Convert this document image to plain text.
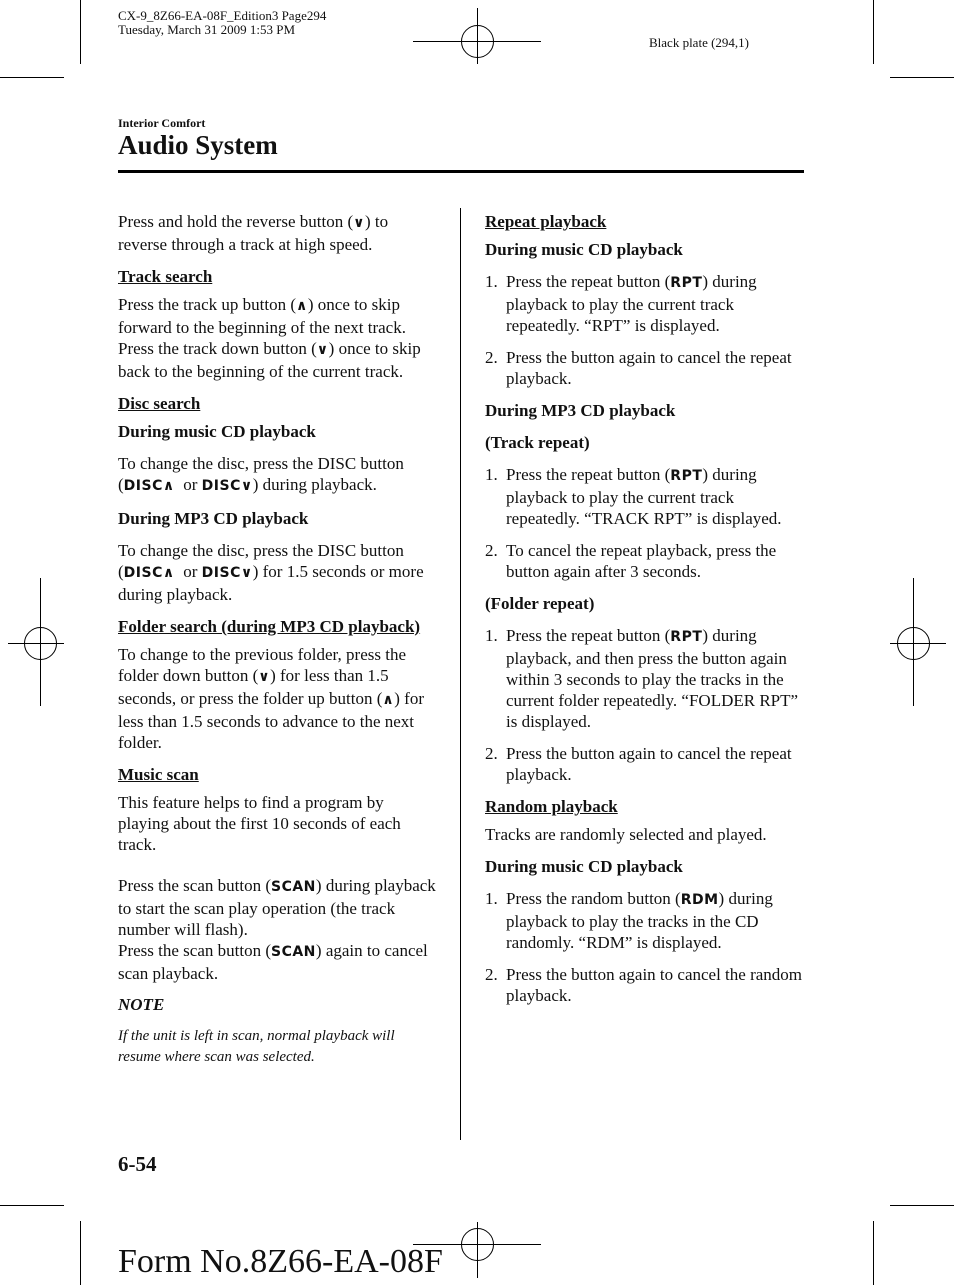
CX-9_8Z66-EA-08F_Edition3 Page294
Tuesday, March 31 2009 1:53 PM
Black plate (294,1)
Interior Comfort
Audio System

Press and hold the reverse button (∨) to reverse through a track at high speed.

Track search

Press the track up button (∧) once to skip forward to the beginning of the next track. Press the track down button (∨) once to skip back to the beginning of the current track.

Disc search

During music CD playback

To change the disc, press the DISC button (DISC∧ or DISC∨) during playback.

During MP3 CD playback

To change the disc, press the DISC button (DISC∧ or DISC∨) for 1.5 seconds or more during playback.

Folder search (during MP3 CD playback)

To change to the previous folder, press the folder down button (∨) for less than 1.5 seconds, or press the folder up button (∧) for less than 1.5 seconds to advance to the next folder.

Music scan

This feature helps to find a program by playing about the first 10 seconds of each track.

Press the scan button (SCAN) during playback to start the scan play operation (the track number will flash).

Press the scan button (SCAN) again to cancel scan playback.

NOTE

If the unit is left in scan, normal playback will resume where scan was selected.

Repeat playback

During music CD playback

1. Press the repeat button (RPT) during playback to play the current track repeatedly. “RPT” is displayed.
2. Press the button again to cancel the repeat playback.

During MP3 CD playback

(Track repeat)

1. Press the repeat button (RPT) during playback to play the current track repeatedly. “TRACK RPT” is displayed.
2. To cancel the repeat playback, press the button again after 3 seconds.

(Folder repeat)

1. Press the repeat button (RPT) during playback, and then press the button again within 3 seconds to play the tracks in the current folder repeatedly. “FOLDER RPT” is displayed.
2. Press the button again to cancel the repeat playback.

Random playback

Tracks are randomly selected and played.

During music CD playback

1. Press the random button (RDM) during playback to play the tracks in the CD randomly. “RDM” is displayed.
2. Press the button again to cancel the random playback.
6-54
Form No.8Z66-EA-08F
